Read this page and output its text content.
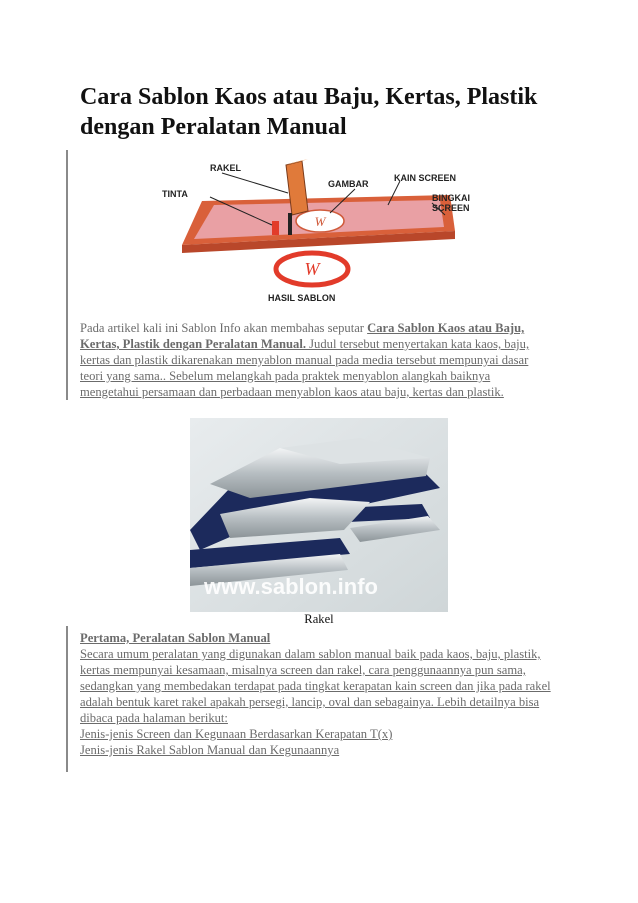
Cara Sablon Kaos atau Baju, Kertas, Plastik dengan Peralatan Manual
W
W
RAKEL
TINTA
GAMBAR
KAIN SCREEN
BINGKAI
SCREEN
HASIL SABLON

Pada artikel kali ini Sablon Info akan membahas seputar Cara Sablon Kaos atau Baju, Kertas, Plastik dengan Peralatan Manual. Judul tersebut menyertakan kata kaos, baju, kertas dan plastik dikarenakan menyablon manual pada media tersebut mempunyai dasar teori yang sama.. Sebelum melangkah pada praktek menyablon alangkah baiknya mengetahui persamaan dan perbadaan menyablon kaos atau baju, kertas dan plastik.

www.sablon.info
Rakel
Pertama, Peralatan Sablon Manual
Secara umum peralatan yang digunakan dalam sablon manual baik pada kaos, baju, plastik, kertas mempunyai kesamaan, misalnya screen dan rakel, cara penggunaannya pun sama, sedangkan yang membedakan terdapat pada tingkat kerapatan kain screen dan jika pada rakel adalah bentuk karet rakel apakah persegi, lancip, oval dan sebagainya. Lebih detailnya bisa dibaca pada halaman berikut:
Jenis-jenis Screen dan Kegunaan Berdasarkan Kerapatan T(x)
Jenis-jenis Rakel Sablon Manual dan Kegunaannya
